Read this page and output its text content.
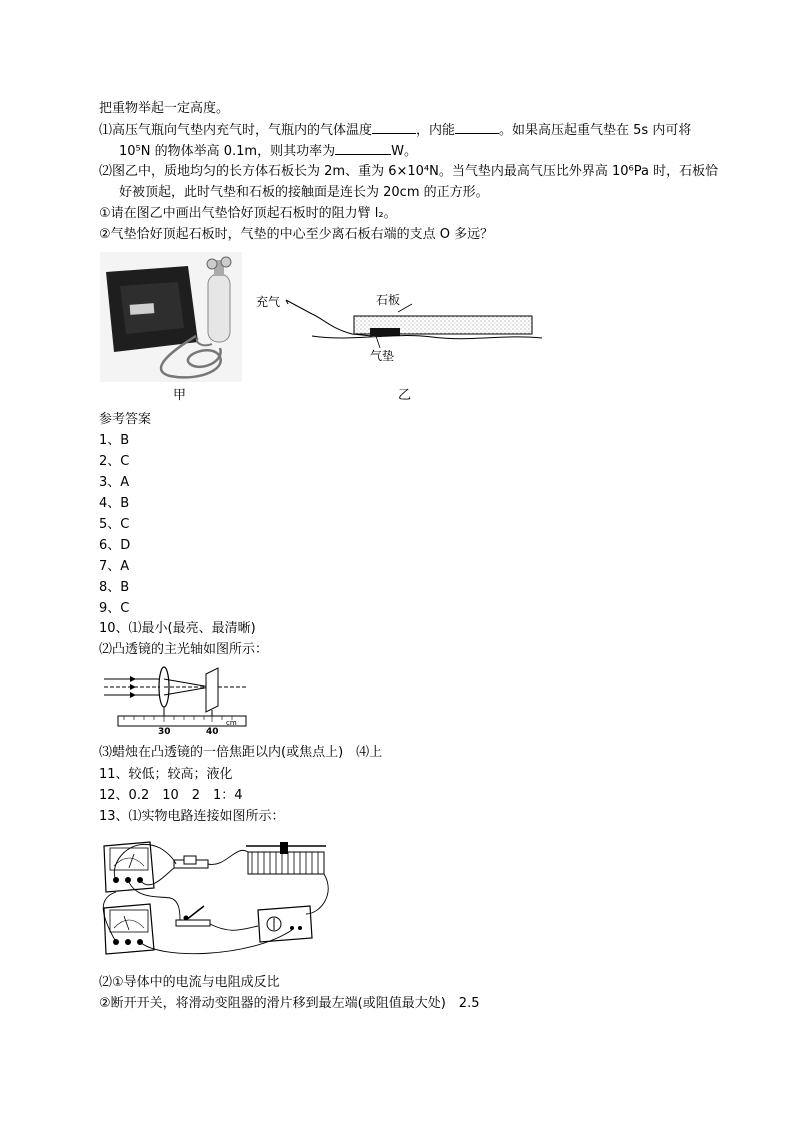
把重物举起一定高度。
⑴高压气瓶向气垫内充气时，气瓶内的气体温度	，内能	。如果高压起重气垫在 5s 内可将
10⁵N 的物体举高 0.1m，则其功率为	W。
⑵图乙中，质地均匀的长方体石板长为 2m、重为 6×10⁴N。当气垫内最高气压比外界高 10⁶Pa 时，石板恰
好被顶起，此时气垫和石板的接触面是连长为 20cm 的正方形。
①请在图乙中画出气垫恰好顶起石板时的阻力臂 l₂。
②气垫恰好顶起石板时，气垫的中心至少离石板右端的支点 O 多远？
甲
充气	石板
气垫
乙
参考答案
1、B
2、C
3、A
4、B
5、C
6、D
7、A
8、B
9、C
10、⑴最小(最亮、最清晰)
⑵凸透镜的主光轴如图所示：
30	40
cm
⑶蜡烛在凸透镜的一倍焦距以内(或焦点上)　⑷上
11、较低；较高；液化
12、0.2　10　2　1：4
13、⑴实物电路连接如图所示：
⑵①导体中的电流与电阻成反比
②断开开关，将滑动变阻器的滑片移到最左端(或阻值最大处)　2.5
